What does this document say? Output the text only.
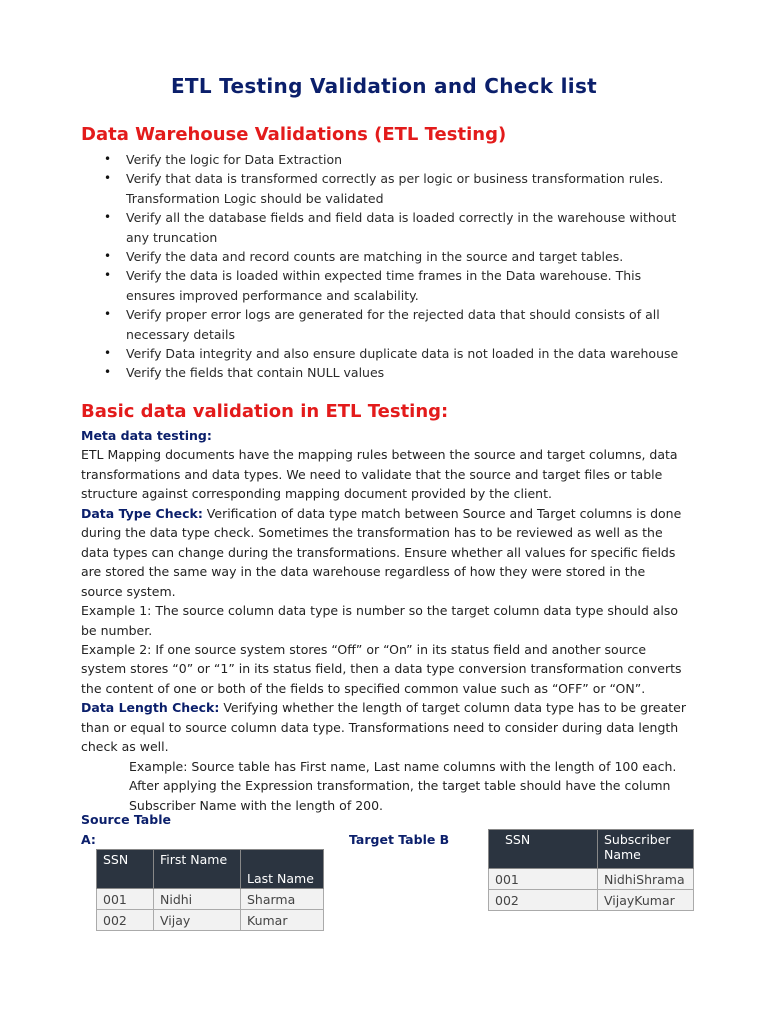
ETL Testing Validation and Check list
Data Warehouse Validations (ETL Testing)
• Verify the logic for Data Extraction
• Verify that data is transformed correctly as per logic or business transformation rules. Transformation Logic should be validated
• Verify all the database fields and field data is loaded correctly in the warehouse without any truncation
• Verify the data and record counts are matching in the source and target tables.
• Verify the data is loaded within expected time frames in the Data warehouse. This ensures improved performance and scalability.
• Verify proper error logs are generated for the rejected data that should consists of all necessary details
• Verify Data integrity and also ensure duplicate data is not loaded in the data warehouse
• Verify the fields that contain NULL values
Basic data validation in ETL Testing:

Meta data testing:

ETL Mapping documents have the mapping rules between the source and target columns, data transformations and data types. We need to validate that the source and target files or table structure against corresponding mapping document provided by the client.

Data Type Check: Verification of data type match between Source and Target columns is done during the data type check. Sometimes the transformation has to be reviewed as well as the data types can change during the transformations. Ensure whether all values for specific fields are stored the same way in the data warehouse regardless of how they were stored in the source system.

Example 1: The source column data type is number so the target column data type should also be number.

Example 2: If one source system stores “Off” or “On” in its status field and another source system stores “0” or “1” in its status field, then a data type conversion transformation converts the content of one or both of the fields to specified common value such as “OFF” or “ON”.

Data Length Check: Verifying whether the length of target column data type has to be greater than or equal to source column data type. Transformations need to consider during data length check as well.

Example: Source table has First name, Last name columns with the length of 100 each. After applying the Expression transformation, the target table should have the column Subscriber Name with the length of 200.

Source Table
A:	Target Table B
SSN	First Name	Last Name
001	Nidhi	Sharma
002	Vijay	Kumar
SSN	Subscriber Name
001	NidhiShrama
002	VijayKumar
